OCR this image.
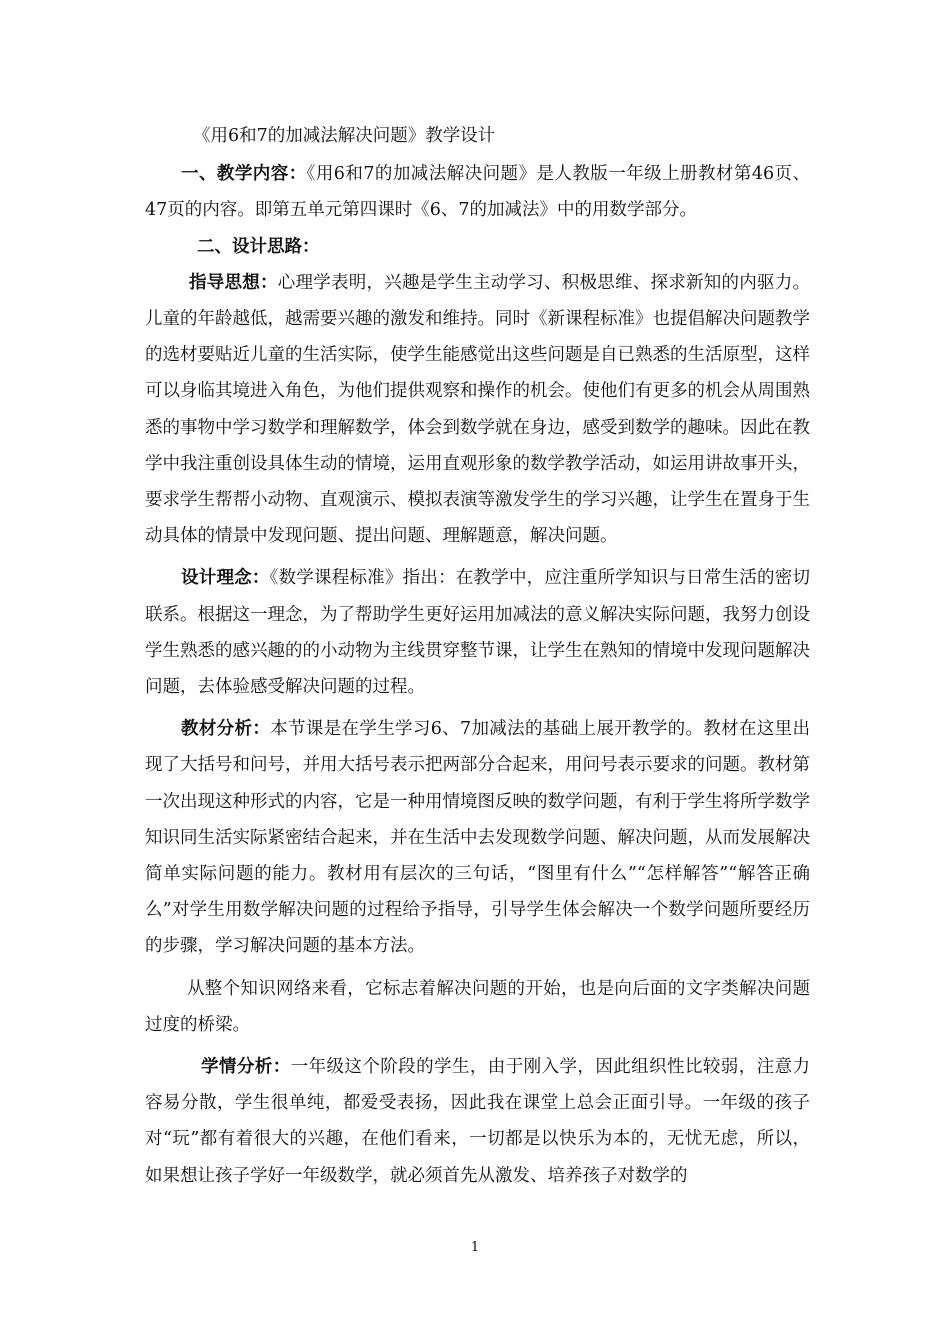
《用6和7的加减法解决问题》教学设计

一、教学内容：《用6和7的加减法解决问题》是人教版一年级上册教材第46页、47页的内容。即第五单元第四课时《6、7的加减法》中的用数学部分。

二、设计思路：

指导思想：心理学表明，兴趣是学生主动学习、积极思维、探求新知的内驱力。儿童的年龄越低，越需要兴趣的激发和维持。同时《新课程标准》也提倡解决问题教学的选材要贴近儿童的生活实际，使学生能感觉出这些问题是自已熟悉的生活原型，这样可以身临其境进入角色，为他们提供观察和操作的机会。使他们有更多的机会从周围熟悉的事物中学习数学和理解数学，体会到数学就在身边，感受到数学的趣味。因此在教学中我注重创设具体生动的情境，运用直观形象的数学教学活动，如运用讲故事开头，要求学生帮帮小动物、直观演示、模拟表演等激发学生的学习兴趣，让学生在置身于生动具体的情景中发现问题、提出问题、理解题意，解决问题。

设计理念：《数学课程标准》指出：在教学中，应注重所学知识与日常生活的密切联系。根据这一理念，为了帮助学生更好运用加减法的意义解决实际问题，我努力创设学生熟悉的感兴趣的的小动物为主线贯穿整节课，让学生在熟知的情境中发现问题解决问题，去体验感受解决问题的过程。

教材分析：本节课是在学生学习6、7加减法的基础上展开教学的。教材在这里出现了大括号和问号，并用大括号表示把两部分合起来，用问号表示要求的问题。教材第一次出现这种形式的内容，它是一种用情境图反映的数学问题，有利于学生将所学数学知识同生活实际紧密结合起来，并在生活中去发现数学问题、解决问题，从而发展解决简单实际问题的能力。教材用有层次的三句话，“图里有什么”“怎样解答”“解答正确么”对学生用数学解决问题的过程给予指导，引导学生体会解决一个数学问题所要经历的步骤，学习解决问题的基本方法。

从整个知识网络来看，它标志着解决问题的开始，也是向后面的文字类解决问题过度的桥梁。

学情分析：一年级这个阶段的学生，由于刚入学，因此组织性比较弱，注意力容易分散，学生很单纯，都爱受表扬，因此我在课堂上总会正面引导。一年级的孩子对“玩”都有着很大的兴趣，在他们看来，一切都是以快乐为本的，无忧无虑，所以，如果想让孩子学好一年级数学，就必须首先从激发、培养孩子对数学的

1
